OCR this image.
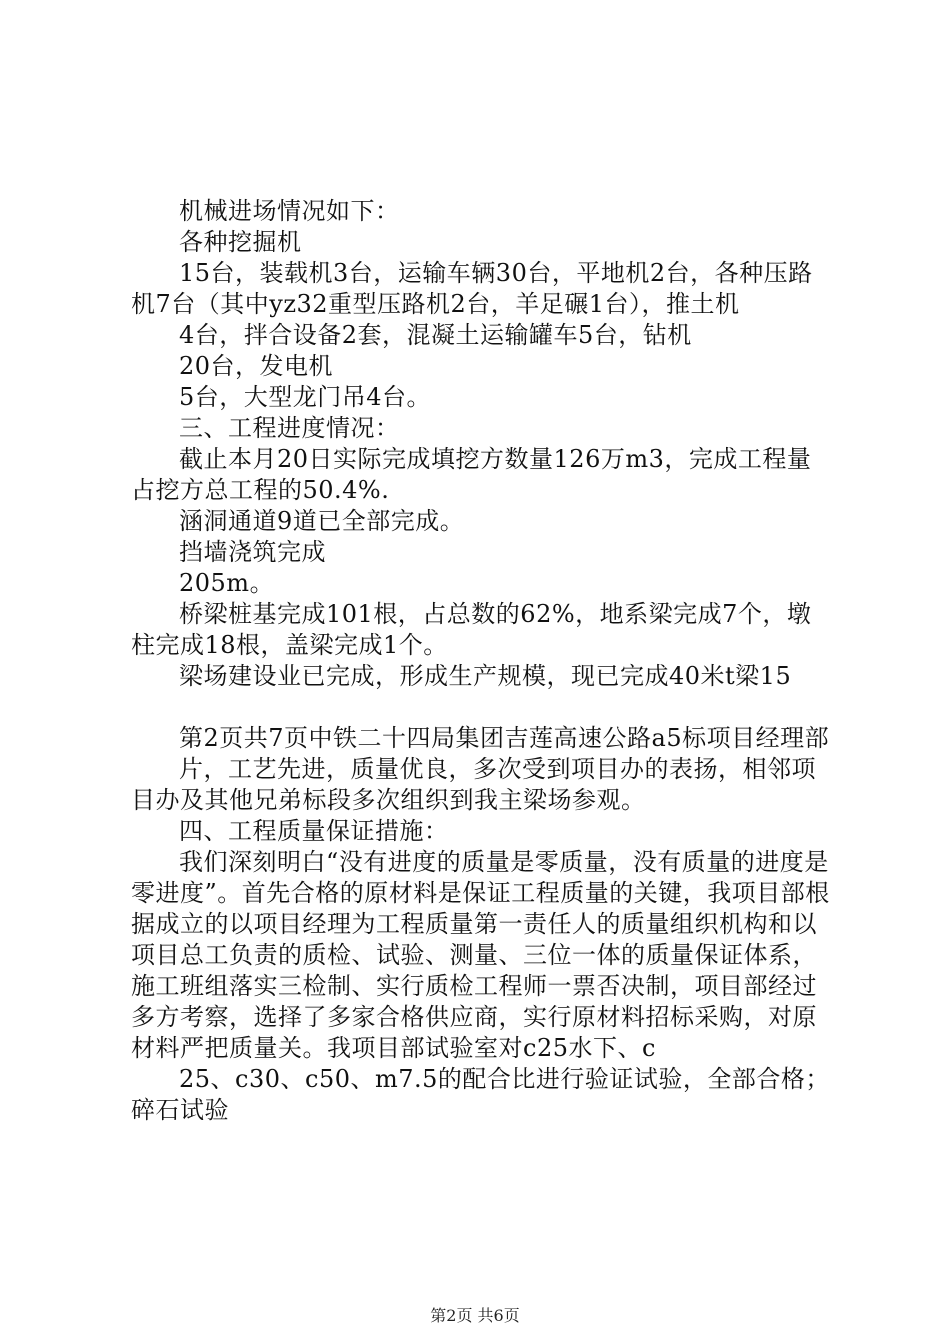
机械进场情况如下：

各种挖掘机

15台，装载机3台，运输车辆30台，平地机2台，各种压路机7台（其中yz32重型压路机2台，羊足碾1台），推土机

4台，拌合设备2套，混凝土运输罐车5台，钻机

20台，发电机

5台，大型龙门吊4台。

三、工程进度情况：

截止本月20日实际完成填挖方数量126万m3，完成工程量占挖方总工程的50.4%.

涵洞通道9道已全部完成。

挡墙浇筑完成

205m。

桥梁桩基完成101根，占总数的62%，地系梁完成7个，墩柱完成18根，盖梁完成1个。

梁场建设业已完成，形成生产规模，现已完成40米t梁15

第2页共7页中铁二十四局集团吉莲高速公路a5标项目经理部

片，工艺先进，质量优良，多次受到项目办的表扬，相邻项目办及其他兄弟标段多次组织到我主梁场参观。

四、工程质量保证措施：

我们深刻明白“没有进度的质量是零质量，没有质量的进度是零进度”。首先合格的原材料是保证工程质量的关键，我项目部根据成立的以项目经理为工程质量第一责任人的质量组织机构和以项目总工负责的质检、试验、测量、三位一体的质量保证体系，施工班组落实三检制、实行质检工程师一票否决制，项目部经过多方考察，选择了多家合格供应商，实行原材料招标采购，对原材料严把质量关。我项目部试验室对c25水下、c

25、c30、c50、m7.5的配合比进行验证试验，全部合格；碎石试验

第2页 共6页
